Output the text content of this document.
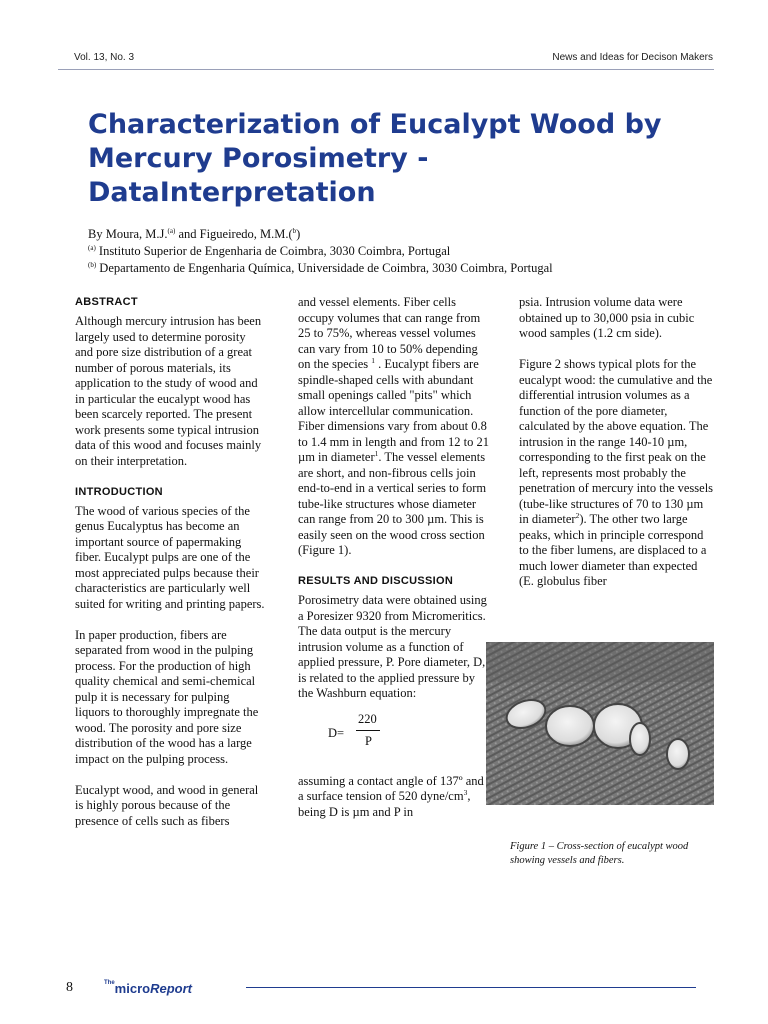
Vol. 13, No. 3	News and Ideas for Decison Makers
Characterization of Eucalypt Wood by Mercury Porosimetry - DataInterpretation
By Moura, M.J.$^{(a)}$ and Figueiredo, M.M.($^b$)
$^{(a)}$ Instituto Superior de Engenharia de Coimbra, 3030 Coimbra, Portugal
$^{(b)}$ Departamento de Engenharia Química, Universidade de Coimbra, 3030 Coimbra, Portugal
ABSTRACT

Although mercury intrusion has been largely used to determine porosity and pore size distribution of a great number of porous materials, its application to the study of wood and in particular the eucalypt wood has been scarcely reported. The present work presents some typical intrusion data of this wood and focuses mainly on their interpretation.

INTRODUCTION

The wood of various species of the genus Eucalyptus has become an important source of papermaking fiber. Eucalypt pulps are one of the most appreciated pulps because their characteristics are particularly well suited for writing and printing papers.

In paper production, fibers are separated from wood in the pulping process. For the production of high quality chemical and semi-chemical pulp it is necessary for pulping liquors to thoroughly impregnate the wood. The porosity and pore size distribution of the wood has a large impact on the pulping process.

Eucalypt wood, and wood in general is highly porous because of the presence of cells such as fibers

and vessel elements. Fiber cells occupy volumes that can range from 25 to 75%, whereas vessel volumes can vary from 10 to 50% depending on the species $^1$ . Eucalypt fibers are spindle-shaped cells with abundant small openings called "pits" which allow intercellular communication. Fiber dimensions vary from about 0.8 to 1.4 mm in length and from 12 to 21 µm in diameter$^1$. The vessel elements are short, and non-fibrous cells join end-to-end in a vertical series to form tube-like structures whose diameter can range from 20 to 300 µm. This is easily seen on the wood cross section (Figure 1).

RESULTS AND DISCUSSION

Porosimetry data were obtained using a Poresizer 9320 from Micromeritics. The data output is the mercury intrusion volume as a function of applied pressure, P. Pore diameter, D, is related to the applied pressure by the Washburn equation:

D=
220
P

assuming a contact angle of 137º and a surface tension of 520 dyne/$cm^3$, being D is µm and P in

psia. Intrusion volume data were obtained up to 30,000 psia in cubic wood samples (1.2 cm side).

Figure 2 shows typical plots for the eucalypt wood: the cumulative and the differential intrusion volumes as a function of the pore diameter, calculated by the above equation. The intrusion in the range 140-10 µm, corresponding to the first peak on the left, represents most probably the penetration of mercury into the vessels (tube-like structures of 70 to 130 µm in diameter$^2$). The other two large peaks, which in principle correspond to the fiber lumens, are displaced to a much lower diameter than expected (E. globulus fiber

Figure 1 – Cross-section of eucalypt wood showing vessels and fibers.
8	$^{The}$microReport
